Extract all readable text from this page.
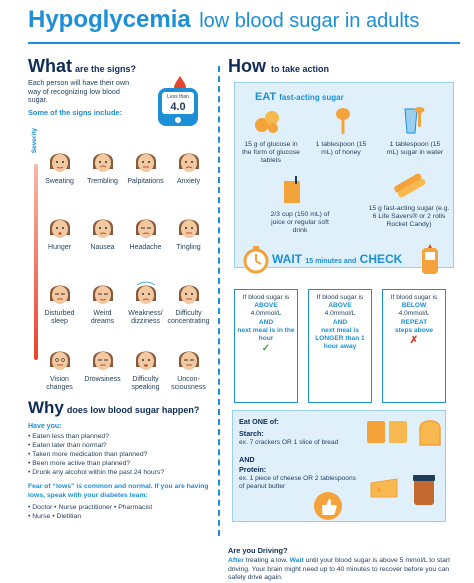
Hypoglycemia low blood sugar in adults
What are the signs?
Each person will have their own way of recognizing low blood sugar.
Some of the signs include:
Less than
4.0
Severity
Sweating Trembling Palpitations Anxiety
Hunger	Nausea Headache Tingling
Disturbed sleep
Weird dreams
Weakness/ dizziness
Difficulty concentrating
Vision changes
Drowsiness	Difficulty speaking
Uncon- sciousness
Why does low blood sugar happen?
Have you:
• Eaten less than planned?
• Eaten later than normal?
• Taken more medication than planned?
• Been more active than planned?
• Drunk any alcohol within the past 24 hours?
Fear of “lows” is common and normal. If you are having lows, speak with your diabetes team:
• Doctor • Nurse practitioner • Pharmacist
• Nurse • Dietitian
How to take action
EAT fast-acting sugar
15 g of glucose in the form of glucose tablets
1 tablespoon (15 mL) of honey
1 tablespoon (15 mL) sugar in water
2/3 cup (150 mL) of juice or regular soft drink
15 g fast-acting sugar (e.g. 6 Life Savers® or 2 rolls Rocket Candy)
WAIT 15 minutes and CHECK
If blood sugar is
ABOVE
4.0mmol/L
AND
next meal is in the hour
✓
If blood sugar is
ABOVE
4.0mmol/L
AND
next meal is LONGER than 1 hour away
If blood sugar is
BELOW
4.0mmol/L
REPEAT
steps above
✗
Eat ONE of:
Starch:
ex. 7 crackers OR 1 slice of bread
AND
Protein:
ex. 1 piece of cheese OR 2 tablespoons of peanut butter
Are you Driving?
After treating a low, Wait until your blood sugar is above 5 mmol/L to start driving. Your brain might need up to 40 minutes to recover before you can safely drive again.
